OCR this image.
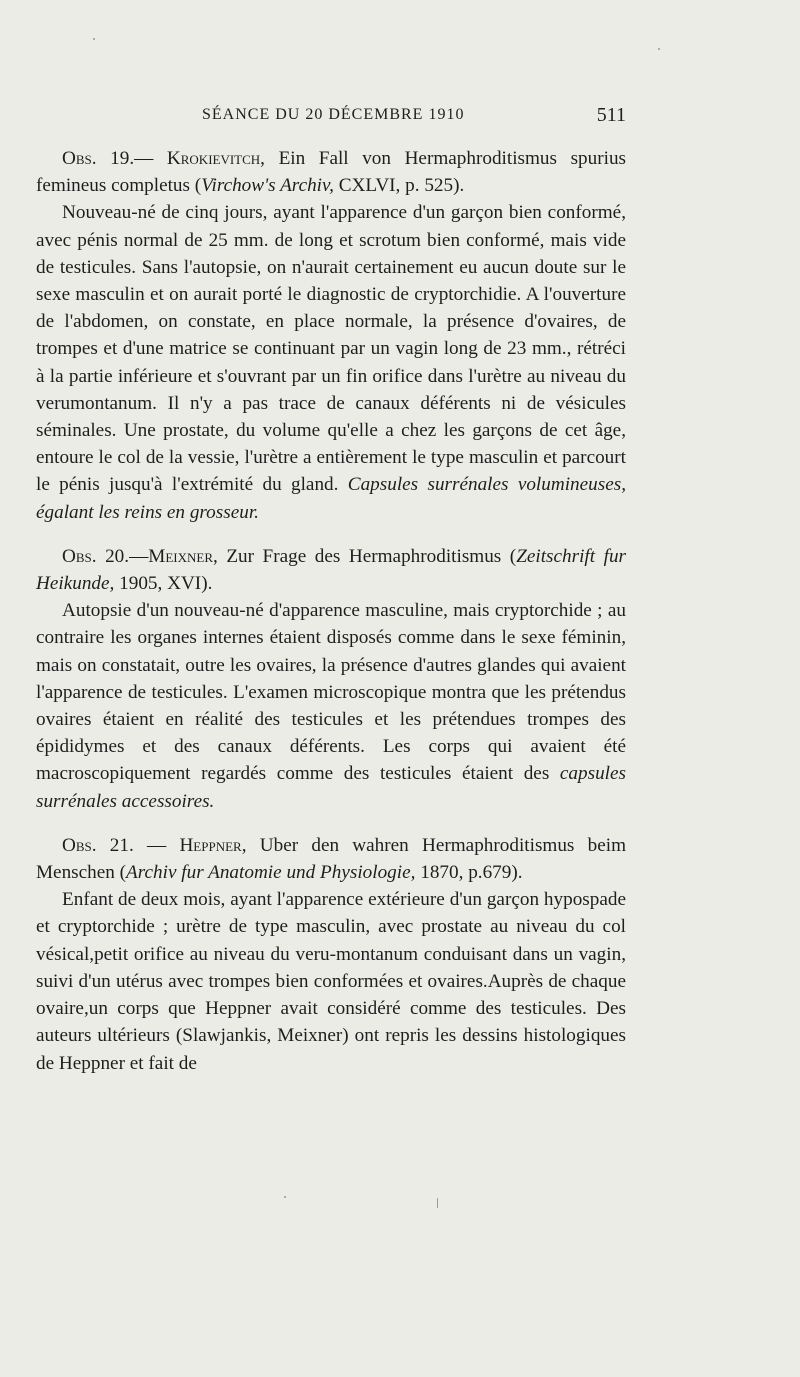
SÉANCE DU 20 DÉCEMBRE 1910	511

Obs. 19.— Krokievitch, Ein Fall von Hermaphroditismus spurius femineus completus (Virchow's Archiv, CXLVI, p. 525).

Nouveau-né de cinq jours, ayant l'apparence d'un garçon bien conformé, avec pénis normal de 25 mm. de long et scrotum bien conformé, mais vide de testicules. Sans l'autopsie, on n'aurait certainement eu aucun doute sur le sexe masculin et on aurait porté le diagnostic de cryptorchidie. A l'ouverture de l'abdomen, on constate, en place normale, la présence d'ovaires, de trompes et d'une matrice se continuant par un vagin long de 23 mm., rétréci à la partie inférieure et s'ouvrant par un fin orifice dans l'urètre au niveau du verumontanum. Il n'y a pas trace de canaux déférents ni de vésicules séminales. Une prostate, du volume qu'elle a chez les garçons de cet âge, entoure le col de la vessie, l'urètre a entièrement le type masculin et parcourt le pénis jusqu'à l'extrémité du gland. Capsules surrénales volumineuses, égalant les reins en grosseur.

Obs. 20.—Meixner, Zur Frage des Hermaphroditismus (Zeitschrift fur Heikunde, 1905, XVI).

Autopsie d'un nouveau-né d'apparence masculine, mais cryptorchide ; au contraire les organes internes étaient disposés comme dans le sexe féminin, mais on constatait, outre les ovaires, la présence d'autres glandes qui avaient l'apparence de testicules. L'examen microscopique montra que les prétendus ovaires étaient en réalité des testicules et les prétendues trompes des épididymes et des canaux déférents. Les corps qui avaient été macroscopiquement regardés comme des testicules étaient des capsules surrénales accessoires.

Obs. 21. — Heppner, Uber den wahren Hermaphroditismus beim Menschen (Archiv fur Anatomie und Physiologie, 1870, p.679).

Enfant de deux mois, ayant l'apparence extérieure d'un garçon hypospade et cryptorchide ; urètre de type masculin, avec prostate au niveau du col vésical,petit orifice au niveau du veru-montanum conduisant dans un vagin, suivi d'un utérus avec trompes bien conformées et ovaires.Auprès de chaque ovaire,un corps que Heppner avait considéré comme des testicules. Des auteurs ultérieurs (Slawjankis, Meixner) ont repris les dessins histologiques de Heppner et fait de
